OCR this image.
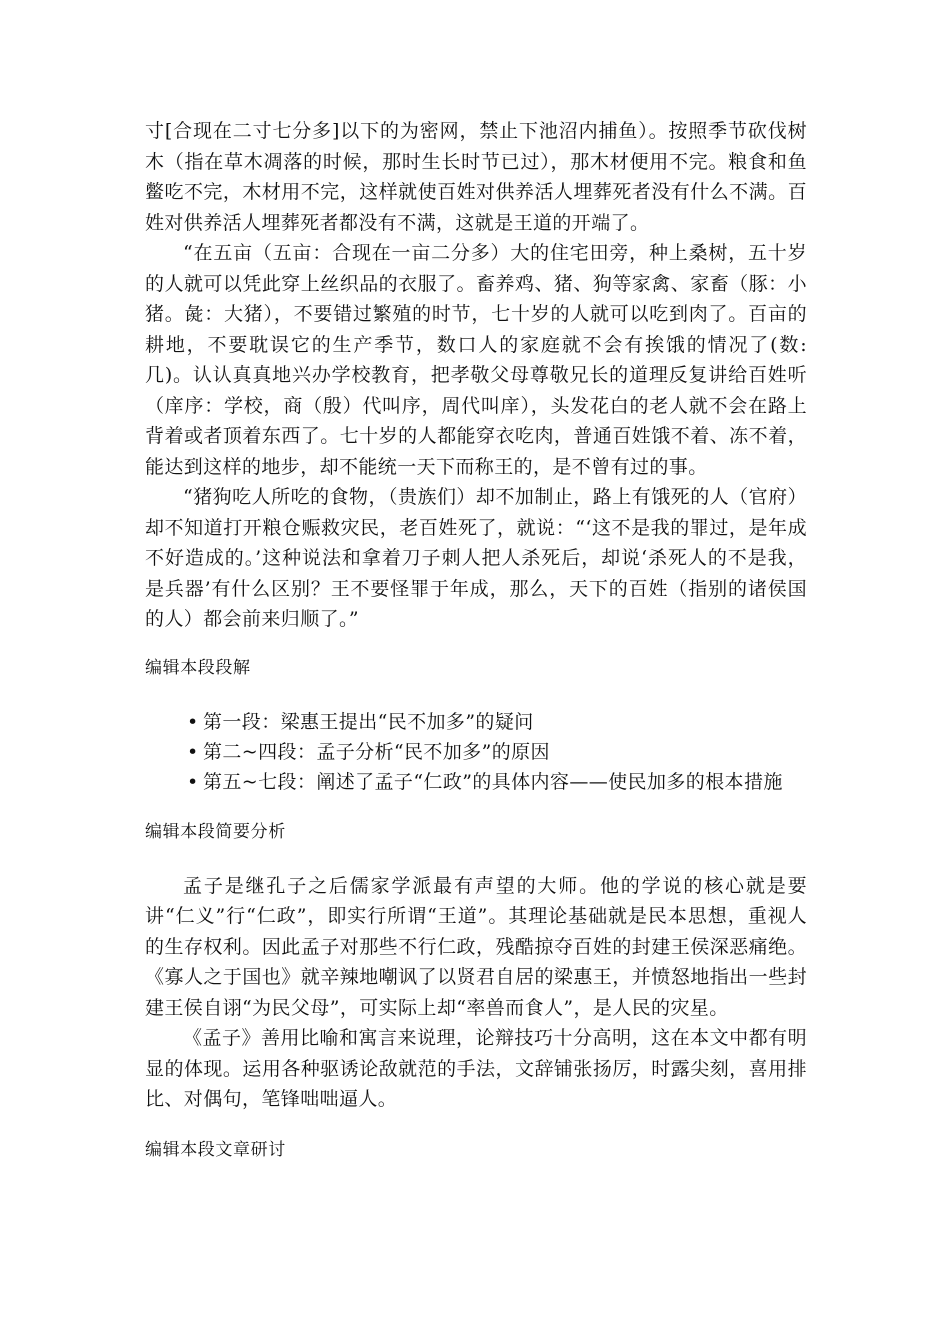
寸[合现在二寸七分多]以下的为密网，禁止下池沼内捕鱼）。按照季节砍伐树木（指在草木凋落的时候，那时生长时节已过），那木材便用不完。粮食和鱼鳖吃不完，木材用不完，这样就使百姓对供养活人埋葬死者没有什么不满。百姓对供养活人埋葬死者都没有不满，这就是王道的开端了。

“在五亩（五亩：合现在一亩二分多）大的住宅田旁，种上桑树，五十岁的人就可以凭此穿上丝织品的衣服了。畜养鸡、猪、狗等家禽、家畜（豚：小猪。彘：大猪），不要错过繁殖的时节，七十岁的人就可以吃到肉了。百亩的耕地，不要耽误它的生产季节，数口人的家庭就不会有挨饿的情况了(数:几)。认认真真地兴办学校教育，把孝敬父母尊敬兄长的道理反复讲给百姓听（庠序：学校，商（殷）代叫序，周代叫庠），头发花白的老人就不会在路上背着或者顶着东西了。七十岁的人都能穿衣吃肉，普通百姓饿不着、冻不着，能达到这样的地步，却不能统一天下而称王的，是不曾有过的事。

“猪狗吃人所吃的食物，（贵族们）却不加制止，路上有饿死的人（官府）却不知道打开粮仓赈救灾民，老百姓死了，就说：“‘这不是我的罪过，是年成不好造成的。’这种说法和拿着刀子刺人把人杀死后，却说‘杀死人的不是我，是兵器’有什么区别？王不要怪罪于年成，那么，天下的百姓（指别的诸侯国的人）都会前来归顺了。”

编辑本段段解
• 第一段：梁惠王提出“民不加多”的疑问
• 第二~四段：孟子分析“民不加多”的原因
• 第五~七段：阐述了孟子“仁政”的具体内容——使民加多的根本措施
编辑本段简要分析

孟子是继孔子之后儒家学派最有声望的大师。他的学说的核心就是要讲“仁义”行“仁政”，即实行所谓“王道”。其理论基础就是民本思想，重视人的生存权利。因此孟子对那些不行仁政，残酷掠夺百姓的封建王侯深恶痛绝。《寡人之于国也》就辛辣地嘲讽了以贤君自居的梁惠王，并愤怒地指出一些封建王侯自诩“为民父母”，可实际上却“率兽而食人”，是人民的灾星。

《孟子》善用比喻和寓言来说理，论辩技巧十分高明，这在本文中都有明显的体现。运用各种驱诱论敌就范的手法，文辞铺张扬厉，时露尖刻，喜用排比、对偶句，笔锋咄咄逼人。

编辑本段文章研讨
